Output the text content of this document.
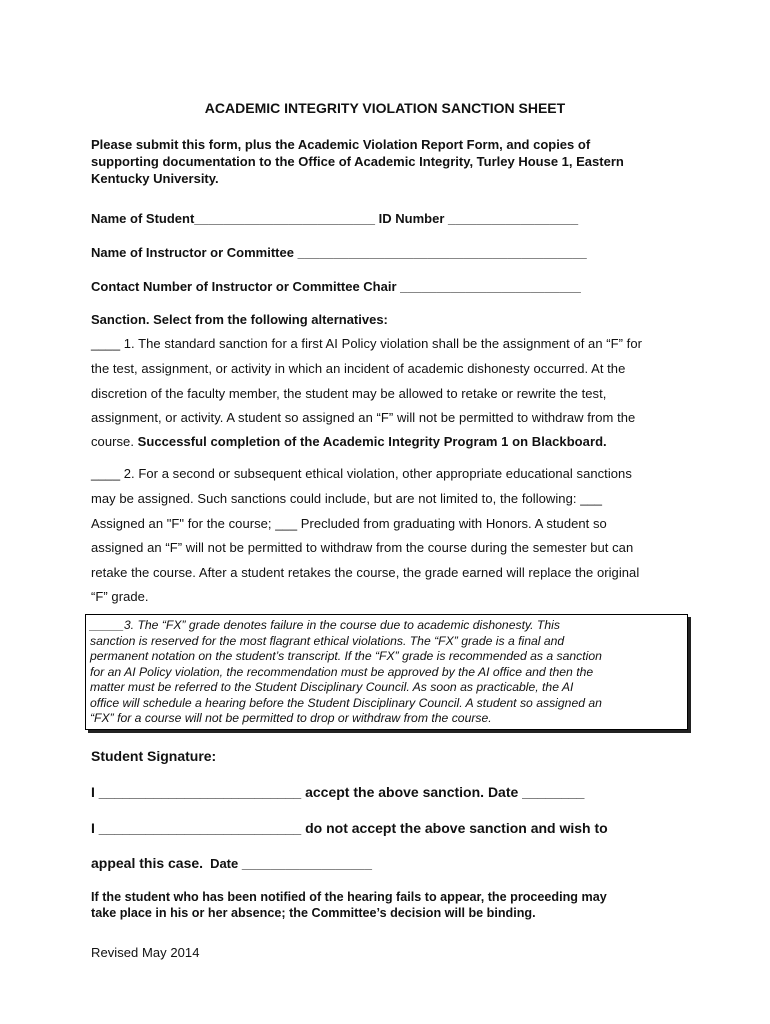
ACADEMIC INTEGRITY VIOLATION SANCTION SHEET
Please submit this form, plus the Academic Violation Report Form, and copies of
supporting documentation to the Office of Academic Integrity, Turley House 1, Eastern
Kentucky University.
Name of Student_________________________ ID Number __________________
Name of Instructor or Committee ________________________________________
Contact Number of Instructor or Committee Chair _________________________
Sanction. Select from the following alternatives:
____ 1. The standard sanction for a first AI Policy violation shall be the assignment of an “F” for
the test, assignment, or activity in which an incident of academic dishonesty occurred. At the
discretion of the faculty member, the student may be allowed to retake or rewrite the test,
assignment, or activity. A student so assigned an “F” will not be permitted to withdraw from the
course. Successful completion of the Academic Integrity Program 1 on Blackboard.
____ 2. For a second or subsequent ethical violation, other appropriate educational sanctions
may be assigned. Such sanctions could include, but are not limited to, the following: ___
Assigned an "F" for the course; ___ Precluded from graduating with Honors. A student so
assigned an “F” will not be permitted to withdraw from the course during the semester but can
retake the course. After a student retakes the course, the grade earned will replace the original
“F” grade.
_____3. The “FX” grade denotes failure in the course due to academic dishonesty. This
sanction is reserved for the most flagrant ethical violations. The “FX” grade is a final and
permanent notation on the student’s transcript. If the “FX” grade is recommended as a sanction
for an AI Policy violation, the recommendation must be approved by the AI office and then the
matter must be referred to the Student Disciplinary Council. As soon as practicable, the AI
office will schedule a hearing before the Student Disciplinary Council. A student so assigned an
“FX” for a course will not be permitted to drop or withdraw from the course.
Student Signature:
I __________________________ accept the above sanction. Date ________
I __________________________ do not accept the above sanction and wish to
appeal this case. Date __________________
If the student who has been notified of the hearing fails to appear, the proceeding may
take place in his or her absence; the Committee’s decision will be binding.
Revised May 2014
